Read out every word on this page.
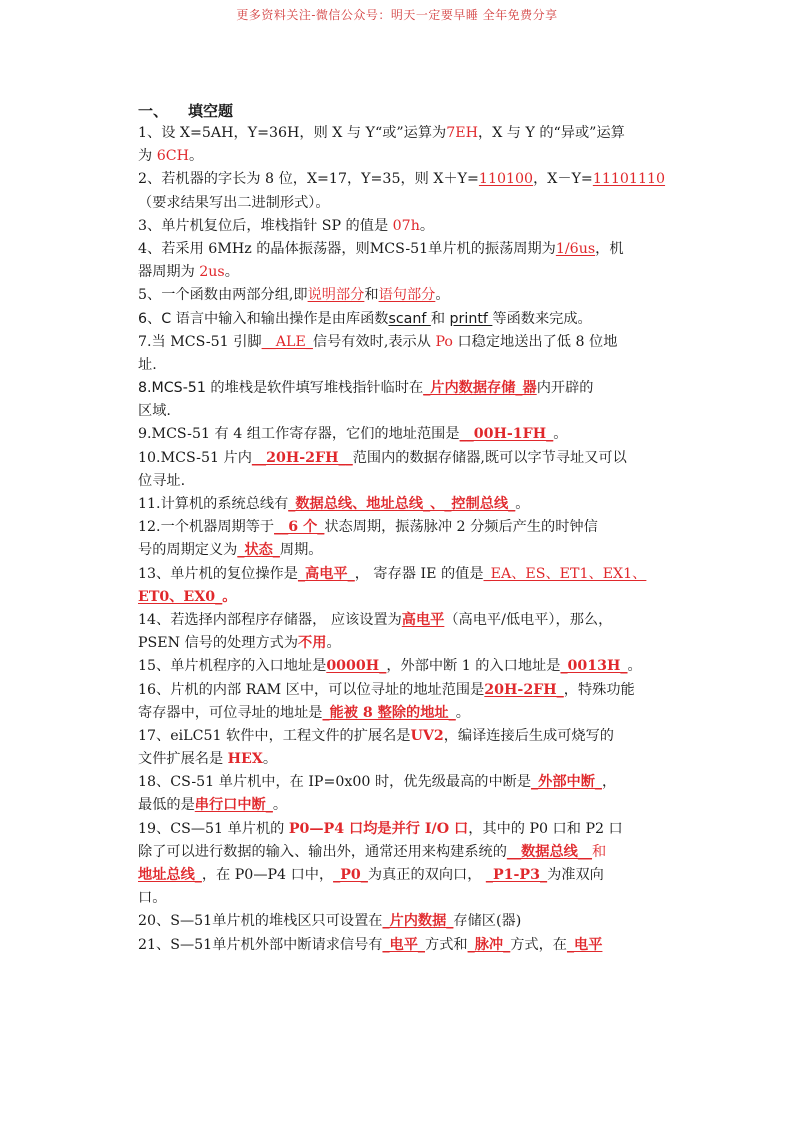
更多资料关注-微信公众号：明天一定要早睡 全年免费分享
一、 填空题
1、设 X=5AH，Y=36H，则 X 与 Y“或”运算为7EH，X 与 Y 的“异或”运算
为 6CH。
2、若机器的字长为 8 位，X=17，Y=35，则 X＋Y=110100，X－Y=11101110
（要求结果写出二进制形式）。
3、单片机复位后，堆栈指针 SP 的值是 07h。
4、若采用 6MHz 的晶体振荡器，则MCS-51单片机的振荡周期为1/6us，机
器周期为 2us。
5、一个函数由两部分组,即说明部分和语句部分。
6、C 语言中输入和输出操作是由库函数scanf 和 printf 等函数来完成。
7.当 MCS-51 引脚__ALE_信号有效时,表示从 Po 口稳定地送出了低 8 位地
址.
8.MCS-51 的堆栈是软件填写堆栈指针临时在_片内数据存储_器内开辟的
区域.
9.MCS-51 有 4 组工作寄存器，它们的地址范围是__00H-1FH_。
10.MCS-51 片内__20H-2FH__范围内的数据存储器,既可以字节寻址又可以
位寻址.
11.计算机的系统总线有_数据总线、地址总线_、_控制总线_。
12.一个机器周期等于__6 个_状态周期，振荡脉冲 2 分频后产生的时钟信
号的周期定义为_状态_周期。
13、单片机的复位操作是_高电平_， 寄存器 IE 的值是_EA、ES、ET1、EX1、
ET0、EX0_。
14、若选择内部程序存储器， 应该设置为高电平（高电平/低电平），那么，
PSEN 信号的处理方式为不用。
15、单片机程序的入口地址是0000H_，外部中断 1 的入口地址是_0013H_。
16、片机的内部 RAM 区中，可以位寻址的地址范围是20H-2FH_，特殊功能
寄存器中，可位寻址的地址是_能被 8 整除的地址_。
17、eiLC51 软件中，工程文件的扩展名是UV2，编译连接后生成可烧写的
文件扩展名是 HEX。
18、CS-51 单片机中，在 IP=0x00 时，优先级最高的中断是_外部中断_，
最低的是串行口中断_。
19、CS—51 单片机的 P0—P4 口均是并行 I/O 口，其中的 P0 口和 P2 口
除了可以进行数据的输入、输出外，通常还用来构建系统的__数据总线__和
地址总线_，在 P0—P4 口中，_P0_为真正的双向口， _P1-P3_为准双向
口。
20、S—51单片机的堆栈区只可设置在_片内数据_存储区(器)
21、S—51单片机外部中断请求信号有_电平_方式和_脉冲_方式，在_电平
